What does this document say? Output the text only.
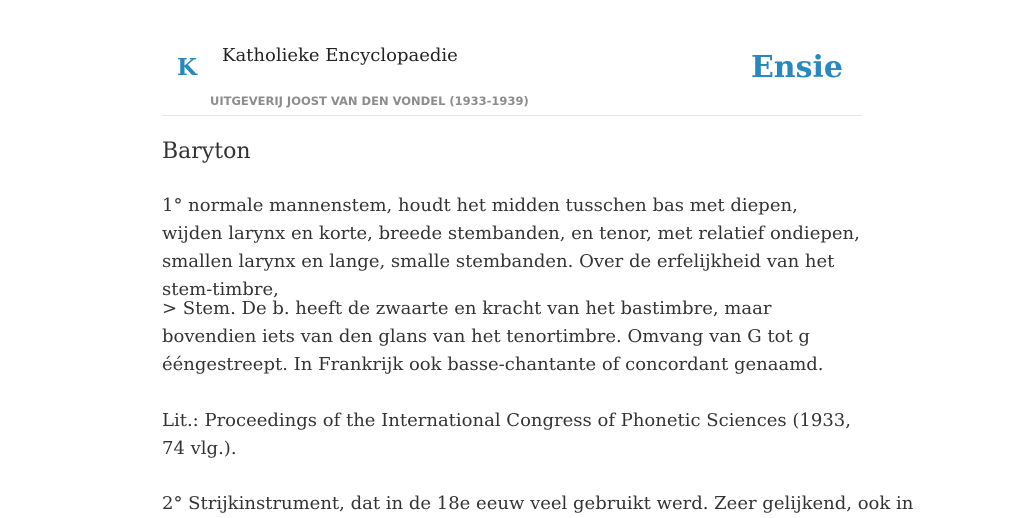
K Katholieke Encyclopaedie
UITGEVERIJ JOOST VAN DEN VONDEL (1933-1939)
Ensie
Baryton

1° normale mannenstem, houdt het midden tusschen bas met diepen, wijden larynx en korte, breede stembanden, en tenor, met relatief ondiepen, smallen larynx en lange, smalle stembanden. Over de erfelijkheid van het stem-timbre,

> Stem. De b. heeft de zwaarte en kracht van het bastimbre, maar bovendien iets van den glans van het tenortimbre. Omvang van G tot g ééngestreept. In Frankrijk ook basse-chantante of concordant genaamd.

Lit.: Proceedings of the International Congress of Phonetic Sciences (1933, 74 vlg.).

2° Strijkinstrument, dat in de 18e eeuw veel gebruikt werd. Zeer gelijkend, ook in
